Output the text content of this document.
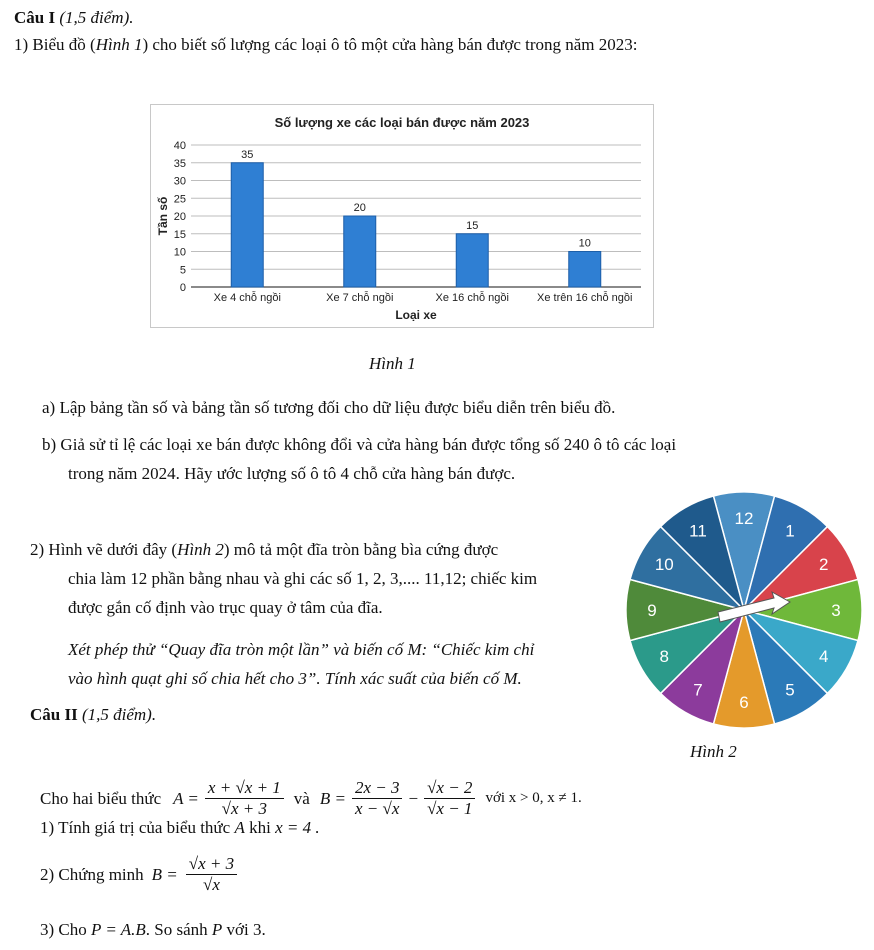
Câu I (1,5 điểm).
1) Biểu đồ (Hình 1) cho biết số lượng các loại ô tô một cửa hàng bán được trong năm 2023:
Số lượng xe các loại bán được năm 2023
0
5
10
15
20
25
30
35
40
35
20
15
10
Xe 4 chỗ ngồi	Xe 7 chỗ ngồi	Xe 16 chỗ ngồi	Xe trên 16 chỗ ngồi
Tần số
Loại xe
Hình 1
a) Lập bảng tần số và bảng tần số tương đối cho dữ liệu được biểu diễn trên biểu đồ.
b) Giả sử tỉ lệ các loại xe bán được không đổi và cửa hàng bán được tổng số 240 ô tô các loại
trong năm 2024. Hãy ước lượng số ô tô 4 chỗ cửa hàng bán được.
2) Hình vẽ dưới đây (Hình 2) mô tả một đĩa tròn bằng bìa cứng được
chia làm 12 phần bằng nhau và ghi các số 1, 2, 3,.... 11,12; chiếc kim
được gắn cố định vào trục quay ở tâm của đĩa.
Xét phép thử “Quay đĩa tròn một lần” và biến cố M: “Chiếc kim chỉ
vào hình quạt ghi số chia hết cho 3”. Tính xác suất của biến cố M.
12
1
2
3
4
5
6
7
8
9
10
11
Hình 2
Câu II (1,5 điểm).
Cho hai biểu thức $A = \frac{x + √x + 1}{√x + 3}$ và $B = \frac{2x - 3}{x - √x} - \frac{√x - 2}{√x - 1}$ với x > 0, x ≠ 1.
1) Tính giá trị của biểu thức A khi x = 4 .
2) Chứng minh $B = \frac{√x + 3}{√x}$
3) Cho P = A.B. So sánh P với 3.
